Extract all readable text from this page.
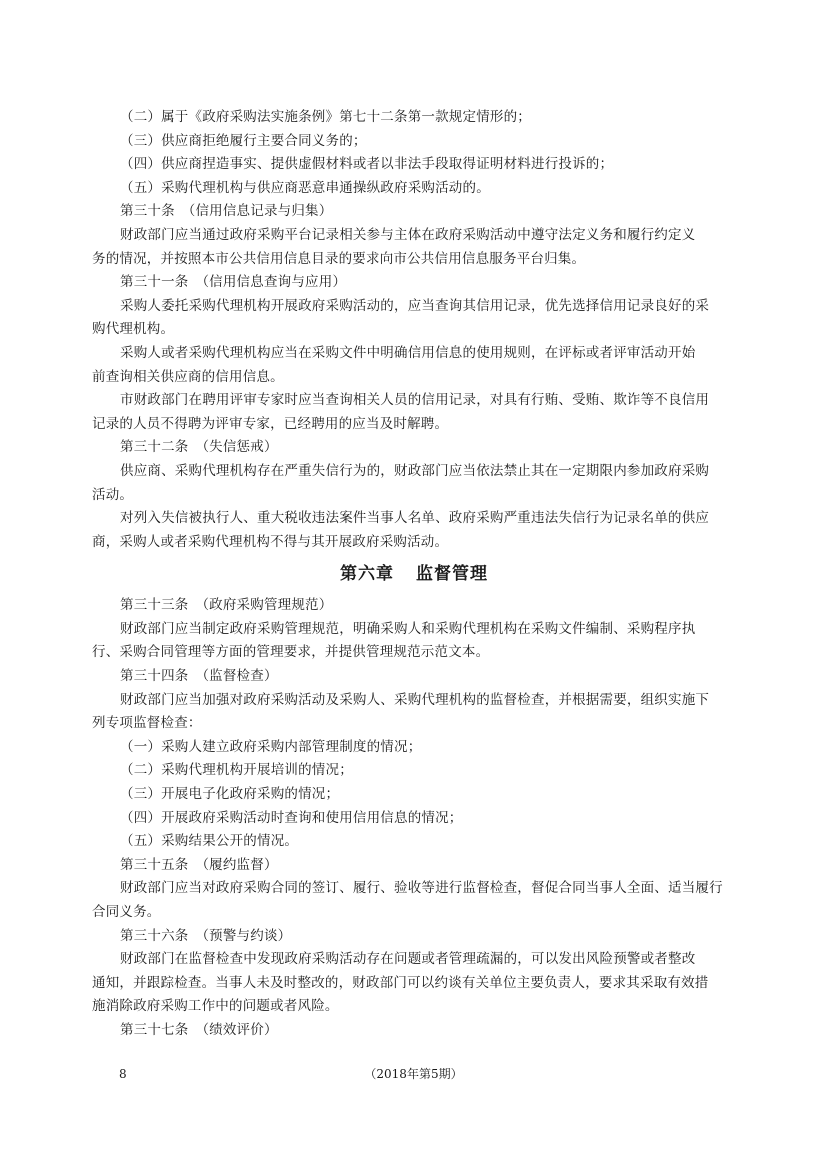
（二）属于《政府采购法实施条例》第七十二条第一款规定情形的；
（三）供应商拒绝履行主要合同义务的；
（四）供应商捏造事实、提供虚假材料或者以非法手段取得证明材料进行投诉的；
（五）采购代理机构与供应商恶意串通操纵政府采购活动的。
第三十条　（信用信息记录与归集）
财政部门应当通过政府采购平台记录相关参与主体在政府采购活动中遵守法定义务和履行约定义
务的情况，并按照本市公共信用信息目录的要求向市公共信用信息服务平台归集。
第三十一条　（信用信息查询与应用）
采购人委托采购代理机构开展政府采购活动的，应当查询其信用记录，优先选择信用记录良好的采
购代理机构。
采购人或者采购代理机构应当在采购文件中明确信用信息的使用规则，在评标或者评审活动开始
前查询相关供应商的信用信息。
市财政部门在聘用评审专家时应当查询相关人员的信用记录，对具有行贿、受贿、欺诈等不良信用
记录的人员不得聘为评审专家，已经聘用的应当及时解聘。
第三十二条　（失信惩戒）
供应商、采购代理机构存在严重失信行为的，财政部门应当依法禁止其在一定期限内参加政府采购
活动。
对列入失信被执行人、重大税收违法案件当事人名单、政府采购严重违法失信行为记录名单的供应
商，采购人或者采购代理机构不得与其开展政府采购活动。
第六章 监督管理
第三十三条　（政府采购管理规范）
财政部门应当制定政府采购管理规范，明确采购人和采购代理机构在采购文件编制、采购程序执
行、采购合同管理等方面的管理要求，并提供管理规范示范文本。
第三十四条　（监督检查）
财政部门应当加强对政府采购活动及采购人、采购代理机构的监督检查，并根据需要，组织实施下
列专项监督检查：
（一）采购人建立政府采购内部管理制度的情况；
（二）采购代理机构开展培训的情况；
（三）开展电子化政府采购的情况；
（四）开展政府采购活动时查询和使用信用信息的情况；
（五）采购结果公开的情况。
第三十五条　（履约监督）
财政部门应当对政府采购合同的签订、履行、验收等进行监督检查，督促合同当事人全面、适当履行
合同义务。
第三十六条　（预警与约谈）
财政部门在监督检查中发现政府采购活动存在问题或者管理疏漏的，可以发出风险预警或者整改
通知，并跟踪检查。当事人未及时整改的，财政部门可以约谈有关单位主要负责人，要求其采取有效措
施消除政府采购工作中的问题或者风险。
第三十七条　（绩效评价）
8	（2018年第5期）
